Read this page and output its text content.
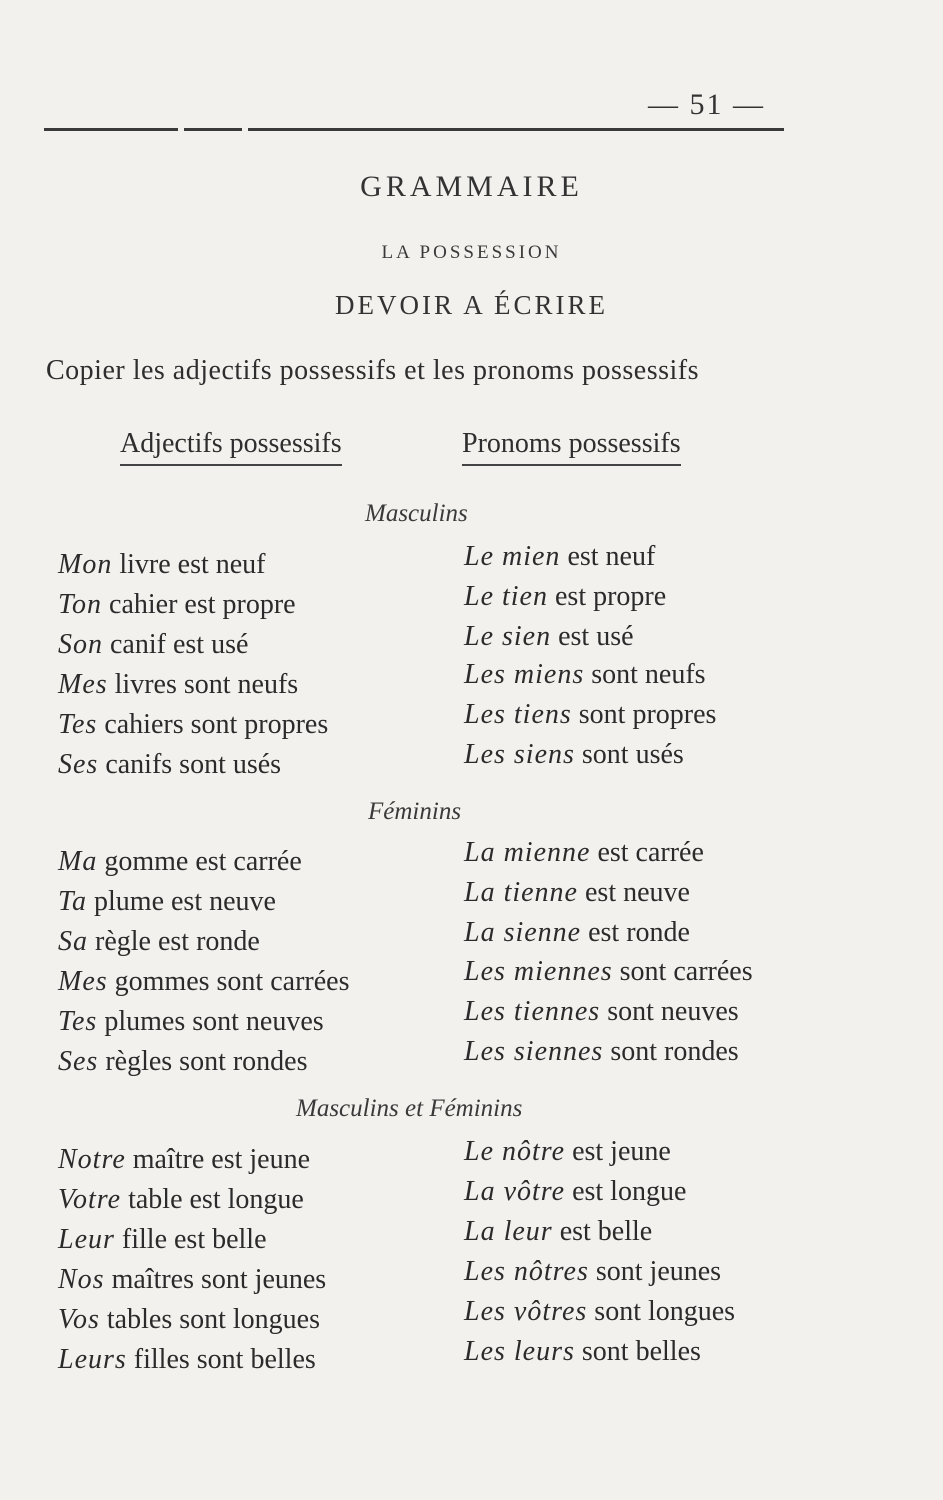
— 51 —
GRAMMAIRE
LA POSSESSION
DEVOIR A ÉCRIRE
Copier les adjectifs possessifs et les pronoms possessifs
Adjectifs possessifs	Pronoms possessifs
Masculins
Mon livre est neuf	Le mien est neuf
Ton cahier est propre	Le tien est propre
Son canif est usé	Le sien est usé
Mes livres sont neufs	Les miens sont neufs
Tes cahiers sont propres	Les tiens sont propres
Ses canifs sont usés	Les siens sont usés
Féminins
Ma gomme est carrée	La mienne est carrée
Ta plume est neuve	La tienne est neuve
Sa règle est ronde	La sienne est ronde
Mes gommes sont carrées	Les miennes sont carrées
Tes plumes sont neuves	Les tiennes sont neuves
Ses règles sont rondes	Les siennes sont rondes
Masculins et Féminins
Notre maître est jeune	Le nôtre est jeune
Votre table est longue	La vôtre est longue
Leur fille est belle	La leur est belle
Nos maîtres sont jeunes	Les nôtres sont jeunes
Vos tables sont longues	Les vôtres sont longues
Leurs filles sont belles	Les leurs sont belles
